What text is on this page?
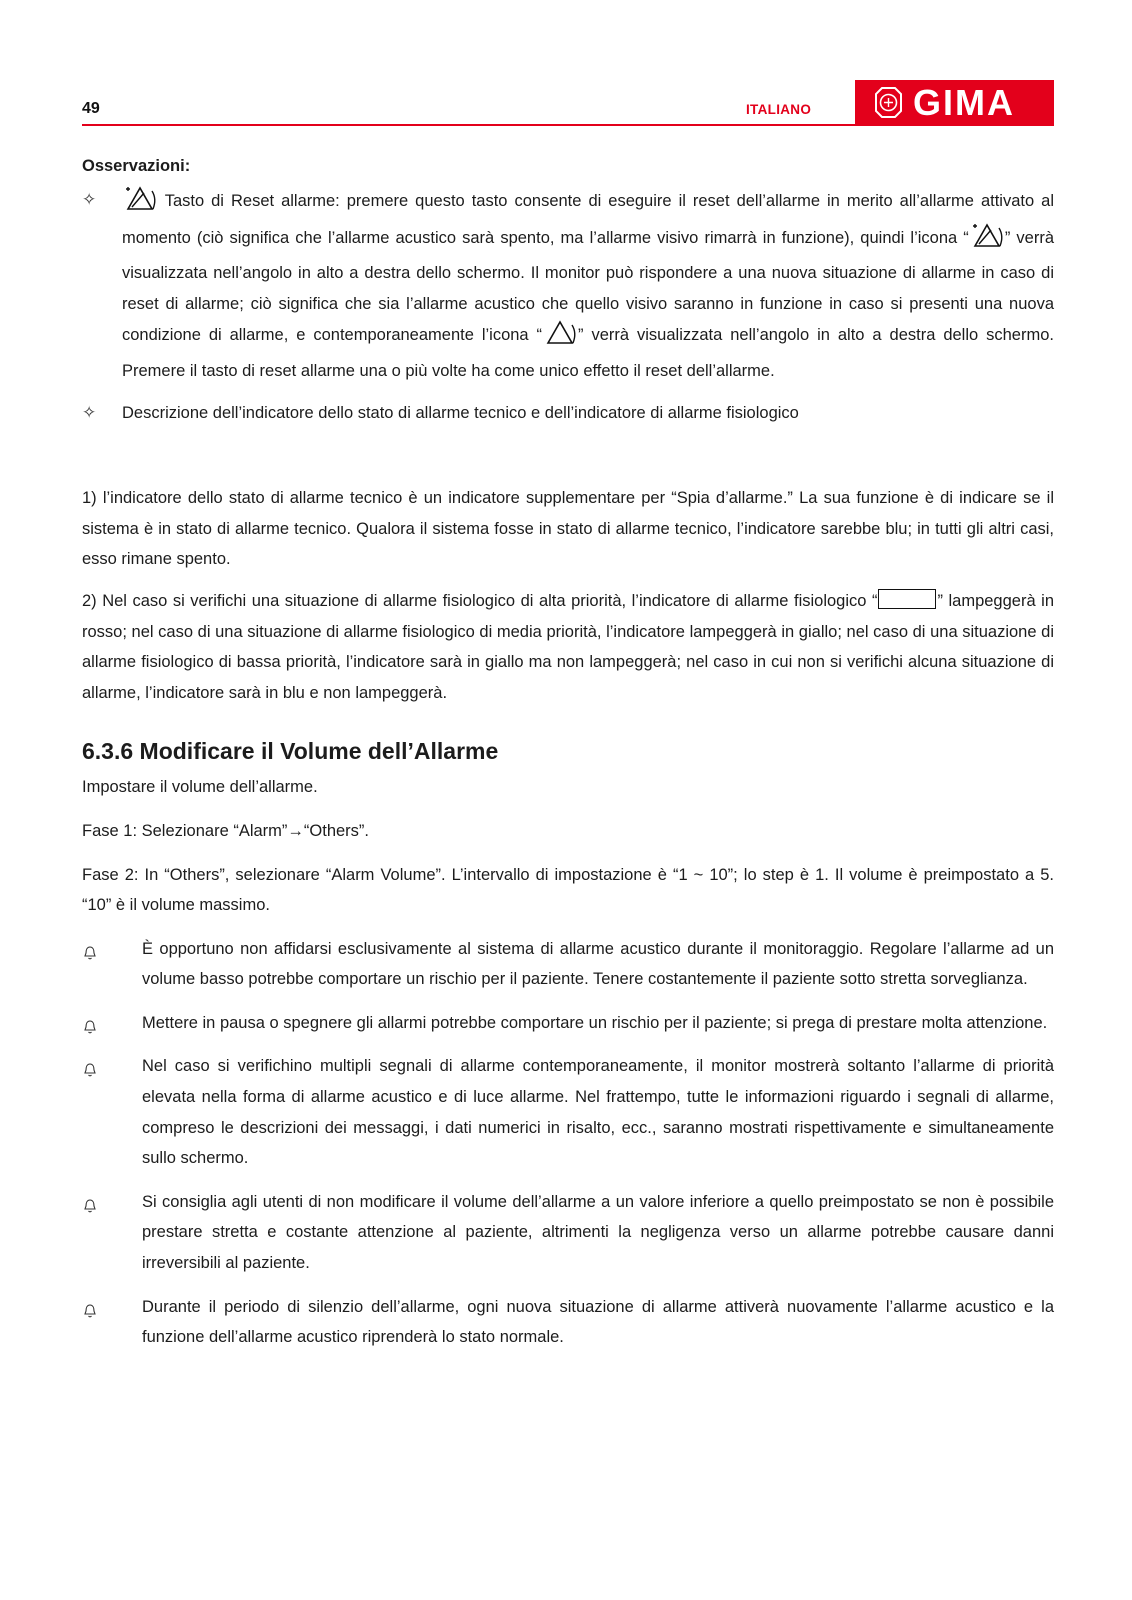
49	ITALIANO	GIMA
Osservazioni:
✧	Tasto di Reset allarme: premere questo tasto consente di eseguire il reset dell’allarme in merito all’allarme attivato al momento (ciò significa che l’allarme acustico sarà spento, ma l’allarme visivo rimarrà in funzione), quindi l’icona “ ” verrà visualizzata nell’angolo in alto a destra dello schermo. Il monitor può rispondere a una nuova situazione di allarme in caso di reset di allarme; ciò significa che sia l’allarme acustico che quello visivo saranno in funzione in caso si presenti una nuova condizione di allarme, e contemporaneamente l’icona “ ” verrà visualizzata nell’angolo in alto a destra dello schermo. Premere il tasto di reset allarme una o più volte ha come unico effetto il reset dell’allarme.
✧ Descrizione dell’indicatore dello stato di allarme tecnico e dell’indicatore di allarme fisiologico

1) l’indicatore dello stato di allarme tecnico è un indicatore supplementare per “Spia d’allarme.” La sua funzione è di indicare se il sistema è in stato di allarme tecnico. Qualora il sistema fosse in stato di allarme tecnico, l’indicatore sarebbe blu; in tutti gli altri casi, esso rimane spento.

2) Nel caso si verifichi una situazione di allarme fisiologico di alta priorità, l’indicatore di allarme fisiologico “	” lampeggerà in rosso; nel caso di una situazione di allarme fisiologico di media priorità, l’indicatore lampeggerà in giallo; nel caso di una situazione di allarme fisiologico di bassa priorità, l’indicatore sarà in giallo ma non lampeggerà; nel caso in cui non si verifichi alcuna situazione di allarme, l’indicatore sarà in blu e non lampeggerà.

6.3.6 Modificare il Volume dell’Allarme

Impostare il volume dell’allarme.

Fase 1: Selezionare “Alarm”→“Others”.

Fase 2: In “Others”, selezionare “Alarm Volume”. L’intervallo di impostazione è “1 ~ 10”; lo step è 1. Il volume è preimpostato a 5. “10” è il volume massimo.

È opportuno non affidarsi esclusivamente al sistema di allarme acustico durante il monitoraggio. Regolare l’allarme ad un volume basso potrebbe comportare un rischio per il paziente. Tenere costantemente il paziente sotto stretta sorveglianza.
Mettere in pausa o spegnere gli allarmi potrebbe comportare un rischio per il paziente; si prega di prestare molta attenzione.
Nel caso si verifichino multipli segnali di allarme contemporaneamente, il monitor mostrerà soltanto l’allarme di priorità elevata nella forma di allarme acustico e di luce allarme. Nel frattempo, tutte le informazioni riguardo i segnali di allarme, compreso le descrizioni dei messaggi, i dati numerici in risalto, ecc., saranno mostrati rispettivamente e simultaneamente sullo schermo.
Si consiglia agli utenti di non modificare il volume dell’allarme a un valore inferiore a quello preimpostato se non è possibile prestare stretta e costante attenzione al paziente, altrimenti la negligenza verso un allarme potrebbe causare danni irreversibili al paziente.
Durante il periodo di silenzio dell’allarme, ogni nuova situazione di allarme attiverà nuovamente l’allarme acustico e la funzione dell’allarme acustico riprenderà lo stato normale.
